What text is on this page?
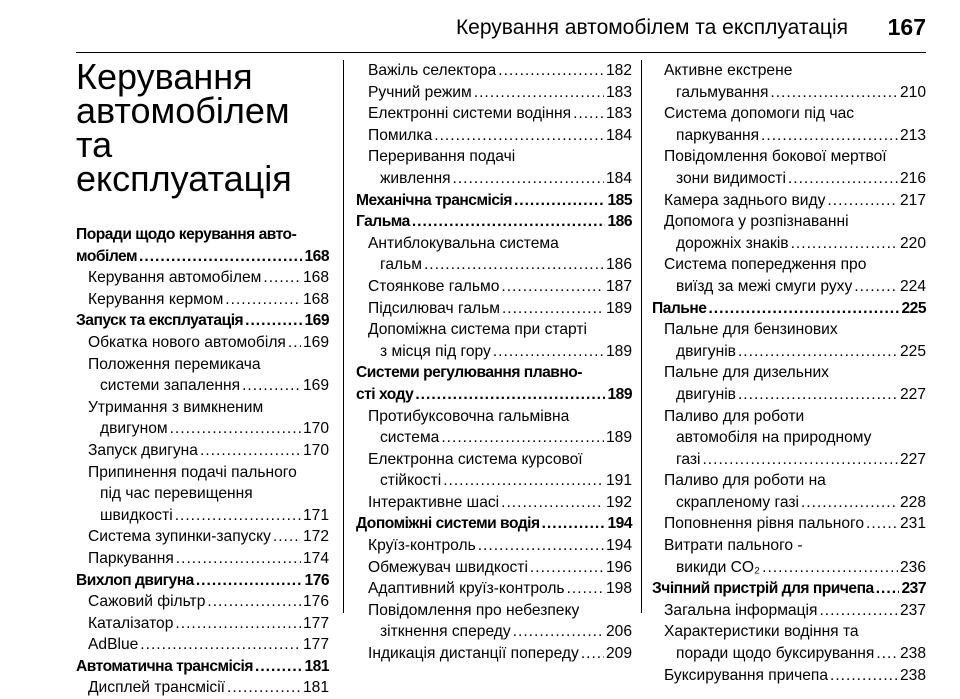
Керування автомобілем та експлуатація 167
Керування
автомобілем та
експлуатація
Поради щодо керування авто-
мобілем .....	168
Керування автомобілем .....	168
Керування кермом .....	168
Запуск та експлуатація .....	169
Обкатка нового автомобіля ..... 169
Положення перемикача
системи запалення .....	169
Утримання з вимкненим
двигуном .....	170
Запуск двигуна .....	170
Припинення подачі пального
під час перевищення
швидкості .....	171
Система зупинки-запуску ..... 172
Паркування .....	174
Вихлоп двигуна .....	176
Сажовий фільтр .....	176
Каталізатор .....	177
AdBlue .....	177
Автоматична трансмісія .....	181
Дисплей трансмісії .....	181
Важіль селектора .....	182
Ручний режим .....	183
Електронні системи водіння ..... 183
Помилка .....	184
Переривання подачі
живлення .....	184
Механічна трансмісія .....	185
Гальма .....	186
Антиблокувальна система
гальм .....	186
Стоянкове гальмо .....	187
Підсилювач гальм .....	189
Допоміжна система при старті
з місця під гору .....	189
Системи регулювання плавно-
сті ходу .....	189
Протибуксовочна гальмівна
система .....	189
Електронна система курсової
стійкості .....	191
Інтерактивне шасі .....	192
Допоміжні системи водія .....	194
Круїз-контроль .....	194
Обмежувач швидкості .....	196
Адаптивний круїз-контроль .....	198
Повідомлення про небезпеку
зіткнення спереду .....	206
Індикація дистанції попереду ..... 209
Активне екстрене
гальмування .....	210
Система допомоги під час
паркування .....	213
Повідомлення бокової мертвої
зони видимості .....	216
Камера заднього виду .....	217
Допомога у розпізнаванні
дорожніх знаків .....	220
Система попередження про
виїзд за межі смуги руху .....	224
Пальне .....	225
Пальне для бензинових
двигунів .....	225
Пальне для дизельних
двигунів .....	227
Паливо для роботи
автомобіля на природному
газі .....	227
Паливо для роботи на
скрапленому газі .....	228
Поповнення рівня пального ..... 231
Витрати пального -
викиди CO₂ .....	236
Зчіпний пристрій для причепа ..... 237
Загальна інформація .....	237
Характеристики водіння та
поради щодо буксирування ..... 238
Буксирування причепа .....	238
